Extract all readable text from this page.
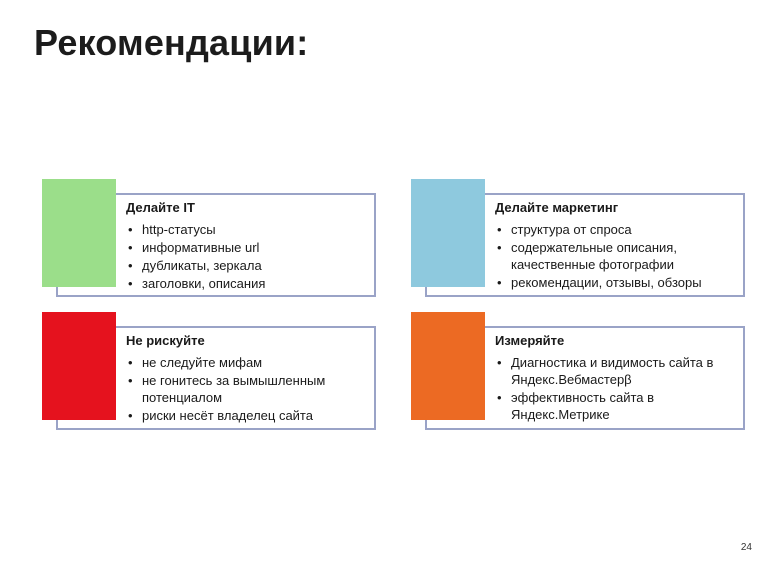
Рекомендации:
Делайте IT
• http-статусы
• информативные url
• дубликаты, зеркала
• заголовки, описания
Делайте маркетинг
• структура от спроса
• содержательные описания, качественные фотографии
• рекомендации, отзывы, обзоры
Не рискуйте
• не следуйте мифам
• не гонитесь за вымышленным потенциалом
• риски несёт владелец сайта
Измеряйте
• Диагностика и видимость сайта в Яндекс.Вебмастерβ
• эффективность сайта в Яндекс.Метрике
24
